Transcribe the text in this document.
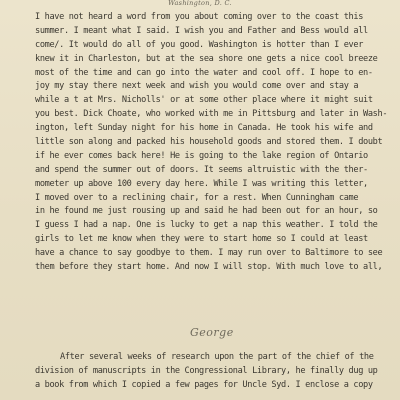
Washington, D. C.
I have not heard a word from you about coming over to the coast this
summer. I meant what I said. I wish you and Father and Bess would all
come/. It would do all of you good. Washington is hotter than I ever
knew it in Charleston, but at the sea shore one gets a nice cool breeze
most of the time and can go into the water and cool off. I hope to en-
joy my stay there next week and wish you would come over and stay a
while a t at Mrs. Nicholls' or at some other place where it might suit
you best. Dick Choate, who worked with me in Pittsburg and later in Wash-
ington, left Sunday night for his home in Canada. He took his wife and
little son along and packed his household goods and stored them. I doubt
if he ever comes back here! He is going to the lake region of Ontario
and spend the summer out of doors. It seems altruistic with the ther-
mometer up above 100 every day here. While I was writing this letter,
I moved over to a reclining chair, for a rest. When Cunningham came
in he found me just rousing up and said he had been out for an hour, so
I guess I had a nap. One is lucky to get a nap this weather. I told the
girls to let me know when they were to start home so I could at least
have a chance to say goodbye to them. I may run over to Baltimore to see
them before they start home. And now I will stop. With much love to all,
George
After several weeks of research upon the part of the chief of the
division of manuscripts in the Congressional Library, he finally dug up
a book from which I copied a few pages for Uncle Syd. I enclose a copy
